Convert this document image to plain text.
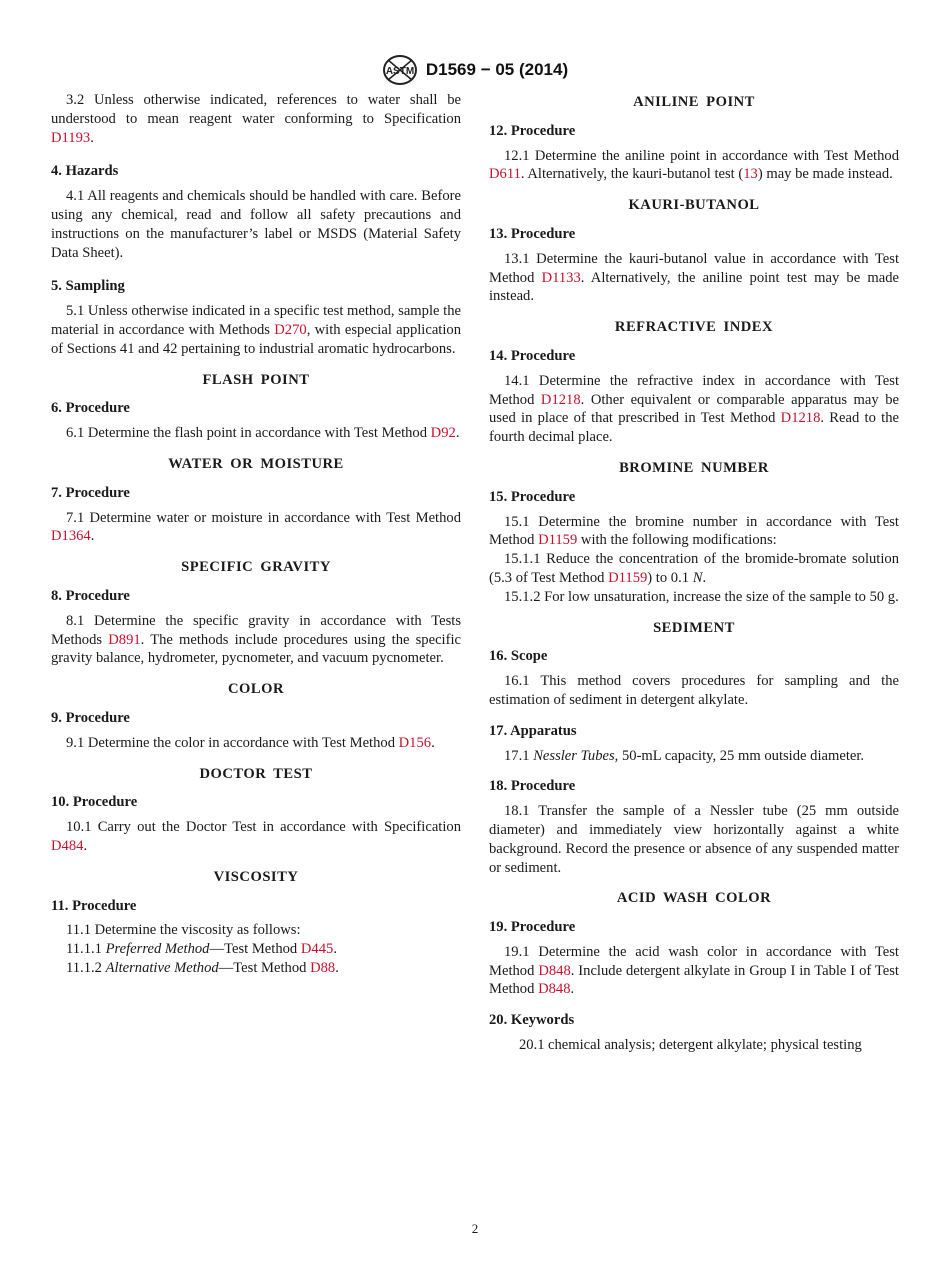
ASTM D1569 − 05 (2014)

3.2 Unless otherwise indicated, references to water shall be understood to mean reagent water conforming to Specification D1193.

4. Hazards

4.1 All reagents and chemicals should be handled with care. Before using any chemical, read and follow all safety precautions and instructions on the manufacturer’s label or MSDS (Material Safety Data Sheet).

5. Sampling

5.1 Unless otherwise indicated in a specific test method, sample the material in accordance with Methods D270, with especial application of Sections 41 and 42 pertaining to industrial aromatic hydrocarbons.

FLASH POINT
6. Procedure

6.1 Determine the flash point in accordance with Test Method D92.

WATER OR MOISTURE
7. Procedure

7.1 Determine water or moisture in accordance with Test Method D1364.

SPECIFIC GRAVITY
8. Procedure

8.1 Determine the specific gravity in accordance with Tests Methods D891. The methods include procedures using the specific gravity balance, hydrometer, pycnometer, and vacuum pycnometer.

COLOR
9. Procedure

9.1 Determine the color in accordance with Test Method D156.

DOCTOR TEST
10. Procedure

10.1 Carry out the Doctor Test in accordance with Specification D484.

VISCOSITY
11. Procedure

11.1 Determine the viscosity as follows:

11.1.1 Preferred Method—Test Method D445.

11.1.2 Alternative Method—Test Method D88.

ANILINE POINT
12. Procedure

12.1 Determine the aniline point in accordance with Test Method D611. Alternatively, the kauri-butanol test (13) may be made instead.

KAURI-BUTANOL
13. Procedure

13.1 Determine the kauri-butanol value in accordance with Test Method D1133. Alternatively, the aniline point test may be made instead.

REFRACTIVE INDEX
14. Procedure

14.1 Determine the refractive index in accordance with Test Method D1218. Other equivalent or comparable apparatus may be used in place of that prescribed in Test Method D1218. Read to the fourth decimal place.

BROMINE NUMBER
15. Procedure

15.1 Determine the bromine number in accordance with Test Method D1159 with the following modifications:

15.1.1 Reduce the concentration of the bromide-bromate solution (5.3 of Test Method D1159) to 0.1 N.

15.1.2 For low unsaturation, increase the size of the sample to 50 g.

SEDIMENT
16. Scope

16.1 This method covers procedures for sampling and the estimation of sediment in detergent alkylate.

17. Apparatus

17.1 Nessler Tubes, 50-mL capacity, 25 mm outside diameter.

18. Procedure

18.1 Transfer the sample of a Nessler tube (25 mm outside diameter) and immediately view horizontally against a white background. Record the presence or absence of any suspended matter or sediment.

ACID WASH COLOR
19. Procedure

19.1 Determine the acid wash color in accordance with Test Method D848. Include detergent alkylate in Group I in Table I of Test Method D848.

20. Keywords

20.1 chemical analysis; detergent alkylate; physical testing

2
